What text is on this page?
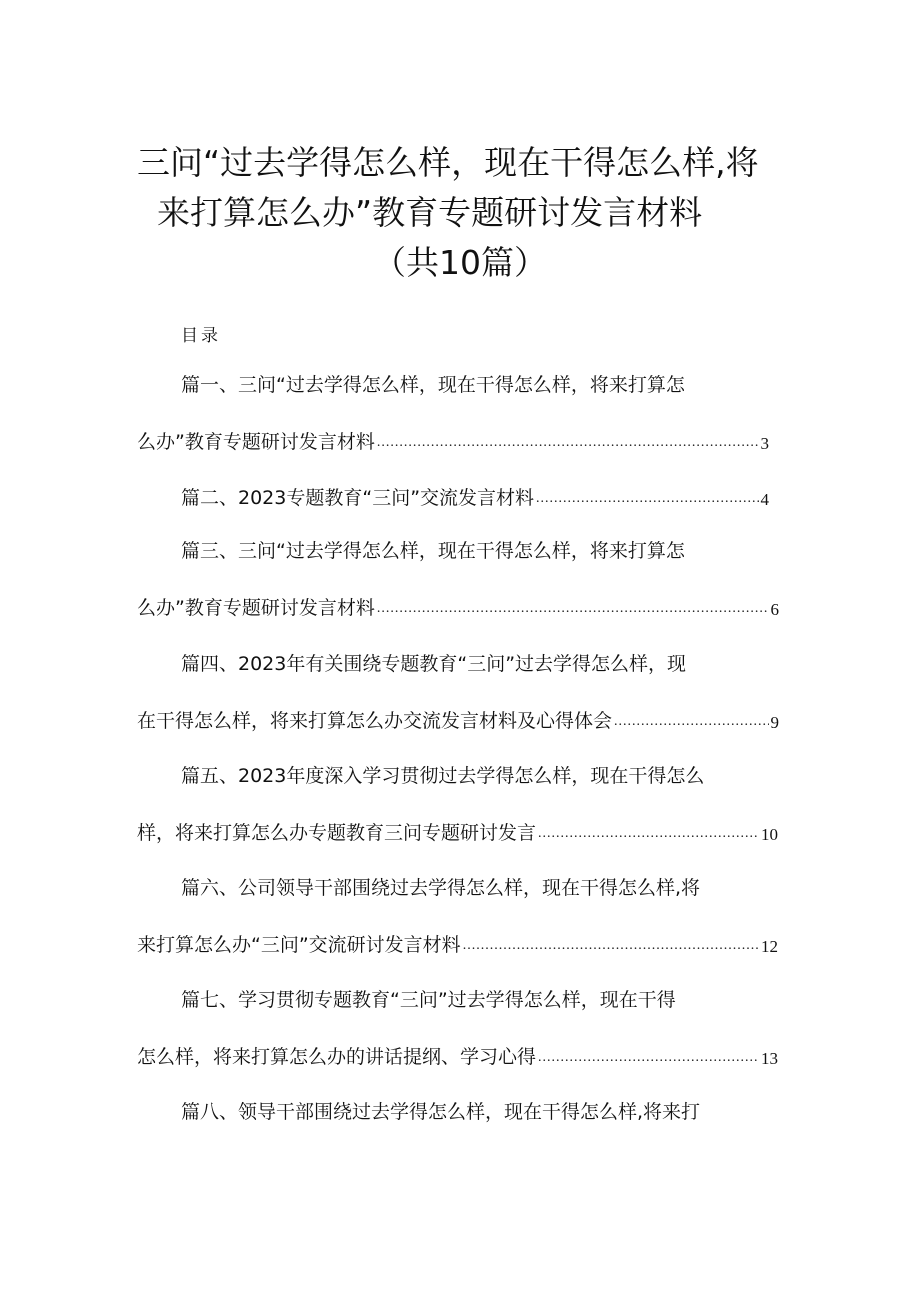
三问“过去学得怎么样，现在干得怎么样,将
来打算怎么办”教育专题研讨发言材料
（共10篇）
目录
篇一、三问“过去学得怎么样，现在干得怎么样，将来打算怎
么办”教育专题研讨发言材料 .....	3
篇二、2023专题教育“三问”交流发言材料 .....	4
篇三、三问“过去学得怎么样，现在干得怎么样，将来打算怎
么办”教育专题研讨发言材料 .....	6
篇四、2023年有关围绕专题教育“三问”过去学得怎么样，现
在干得怎么样，将来打算怎么办交流发言材料及心得体会 .....	9
篇五、2023年度深入学习贯彻过去学得怎么样，现在干得怎么
样，将来打算怎么办专题教育三问专题研讨发言 .....	10
篇六、公司领导干部围绕过去学得怎么样，现在干得怎么样,将
来打算怎么办“三问”交流研讨发言材料 .....	12
篇七、学习贯彻专题教育“三问”过去学得怎么样，现在干得
怎么样，将来打算怎么办的讲话提纲、学习心得 .....	13
篇八、领导干部围绕过去学得怎么样，现在干得怎么样,将来打
